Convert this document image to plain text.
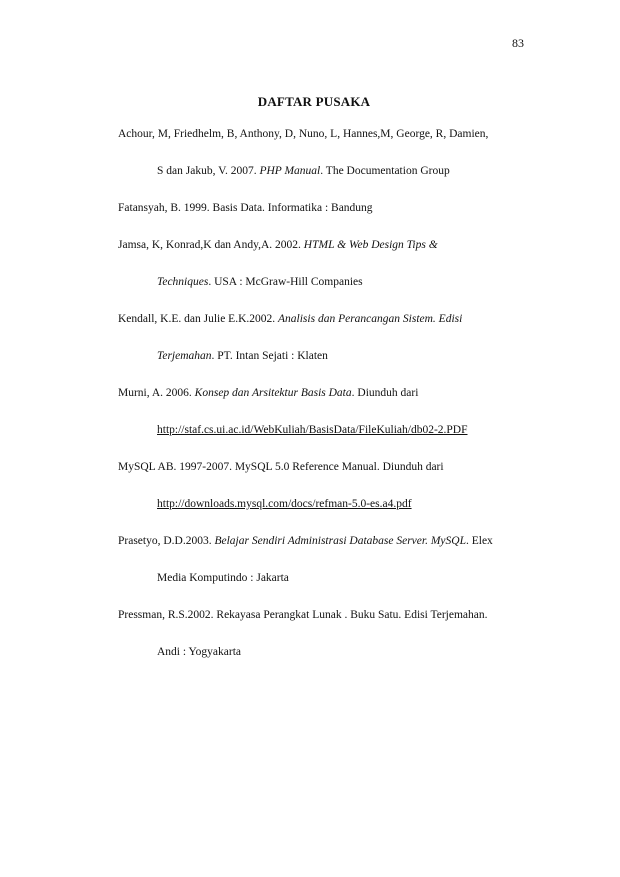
83
DAFTAR PUSAKA
Achour, M, Friedhelm, B, Anthony, D, Nuno, L, Hannes,M, George, R, Damien,
S dan Jakub, V. 2007. PHP Manual. The Documentation Group
Fatansyah, B. 1999. Basis Data. Informatika : Bandung
Jamsa, K, Konrad,K dan Andy,A. 2002. HTML & Web Design Tips &
Techniques. USA : McGraw-Hill Companies
Kendall, K.E. dan Julie E.K.2002. Analisis dan Perancangan Sistem. Edisi
Terjemahan. PT. Intan Sejati : Klaten
Murni, A. 2006. Konsep dan Arsitektur Basis Data. Diunduh dari
http://staf.cs.ui.ac.id/WebKuliah/BasisData/FileKuliah/db02-2.PDF
MySQL AB. 1997-2007. MySQL 5.0 Reference Manual. Diunduh dari
http://downloads.mysql.com/docs/refman-5.0-es.a4.pdf
Prasetyo, D.D.2003. Belajar Sendiri Administrasi Database Server. MySQL. Elex
Media Komputindo : Jakarta
Pressman, R.S.2002. Rekayasa Perangkat Lunak . Buku Satu. Edisi Terjemahan.
Andi : Yogyakarta
